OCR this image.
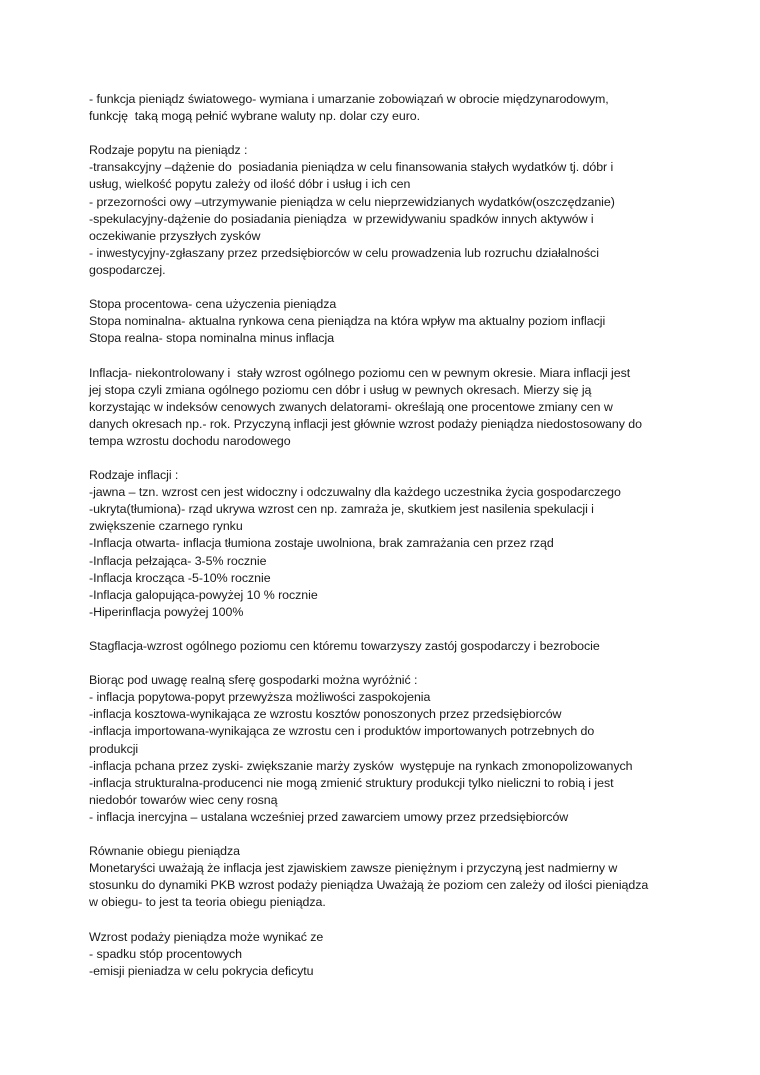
- funkcja pieniądz światowego- wymiana i umarzanie zobowiązań w obrocie międzynarodowym,
funkcję  taką mogą pełnić wybrane waluty np. dolar czy euro.
Rodzaje popytu na pieniądz :
-transakcyjny –dążenie do  posiadania pieniądza w celu finansowania stałych wydatków tj. dóbr i
usług, wielkość popytu zależy od ilość dóbr i usług i ich cen
- przezorności owy –utrzymywanie pieniądza w celu nieprzewidzianych wydatków(oszczędzanie)
-spekulacyjny-dążenie do posiadania pieniądza  w przewidywaniu spadków innych aktywów i
oczekiwanie przyszłych zysków
- inwestycyjny-zgłaszany przez przedsiębiorców w celu prowadzenia lub rozruchu działalności
gospodarczej.
Stopa procentowa- cena użyczenia pieniądza
Stopa nominalna- aktualna rynkowa cena pieniądza na która wpływ ma aktualny poziom inflacji
Stopa realna- stopa nominalna minus inflacja
Inflacja- niekontrolowany i  stały wzrost ogólnego poziomu cen w pewnym okresie. Miara inflacji jest
jej stopa czyli zmiana ogólnego poziomu cen dóbr i usług w pewnych okresach. Mierzy się ją
korzystając w indeksów cenowych zwanych delatorami- określają one procentowe zmiany cen w
danych okresach np.- rok. Przyczyną inflacji jest głównie wzrost podaży pieniądza niedostosowany do
tempa wzrostu dochodu narodowego
Rodzaje inflacji :
-jawna – tzn. wzrost cen jest widoczny i odczuwalny dla każdego uczestnika życia gospodarczego
-ukryta(tłumiona)- rząd ukrywa wzrost cen np. zamraża je, skutkiem jest nasilenia spekulacji i
zwiększenie czarnego rynku
-Inflacja otwarta- inflacja tłumiona zostaje uwolniona, brak zamrażania cen przez rząd
-Inflacja pełzająca- 3-5% rocznie
-Inflacja krocząca -5-10% rocznie
-Inflacja galopująca-powyżej 10 % rocznie
-Hiperinflacja powyżej 100%
Stagflacja-wzrost ogólnego poziomu cen któremu towarzyszy zastój gospodarczy i bezrobocie
Biorąc pod uwagę realną sferę gospodarki można wyróżnić :
- inflacja popytowa-popyt przewyższa możliwości zaspokojenia
-inflacja kosztowa-wynikająca ze wzrostu kosztów ponoszonych przez przedsiębiorców
-inflacja importowana-wynikająca ze wzrostu cen i produktów importowanych potrzebnych do
produkcji
-inflacja pchana przez zyski- zwiększanie marży zysków  występuje na rynkach zmonopolizowanych
-inflacja strukturalna-producenci nie mogą zmienić struktury produkcji tylko nieliczni to robią i jest
niedobór towarów wiec ceny rosną
- inflacja inercyjna – ustalana wcześniej przed zawarciem umowy przez przedsiębiorców
Równanie obiegu pieniądza
Monetaryści uważają że inflacja jest zjawiskiem zawsze pieniężnym i przyczyną jest nadmierny w
stosunku do dynamiki PKB wzrost podaży pieniądza Uważają że poziom cen zależy od ilości pieniądza
w obiegu- to jest ta teoria obiegu pieniądza.
Wzrost podaży pieniądza może wynikać ze
- spadku stóp procentowych
-emisji pieniadza w celu pokrycia deficytu
